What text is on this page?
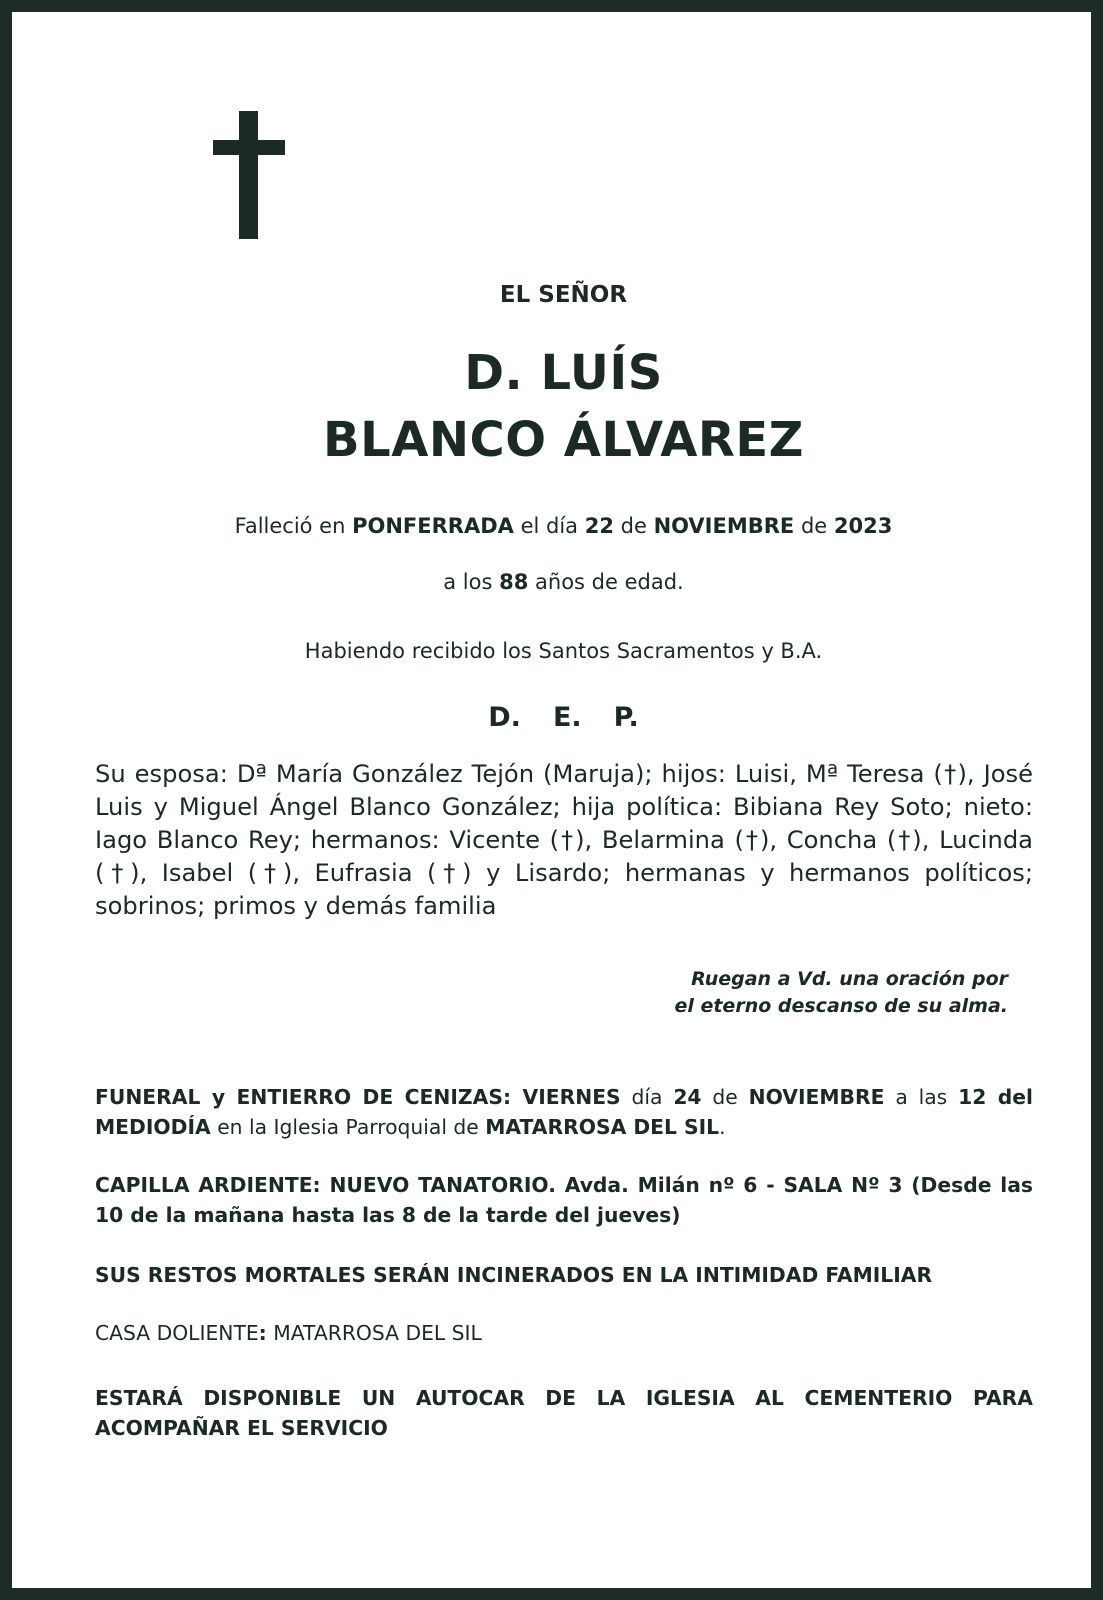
EL SEÑOR
D. LUÍS
BLANCO ÁLVAREZ
Falleció en PONFERRADA el día 22 de NOVIEMBRE de 2023
a los 88 años de edad.
Habiendo recibido los Santos Sacramentos y B.A.
D. E. P.
Su esposa: Dª María González Tejón (Maruja); hijos: Luisi, Mª Teresa (†), José Luis y Miguel Ángel Blanco González; hija política: Bibiana Rey Soto; nieto: Iago Blanco Rey; hermanos: Vicente (†), Belarmina (†), Concha (†), Lucinda (†), Isabel (†), Eufrasia (†) y Lisardo; hermanas y hermanos políticos; sobrinos; primos y demás familia
Ruegan a Vd. una oración por
el eterno descanso de su alma.
FUNERAL y ENTIERRO DE CENIZAS: VIERNES día 24 de NOVIEMBRE a las 12 del MEDIODÍA en la Iglesia Parroquial de MATARROSA DEL SIL.
CAPILLA ARDIENTE: NUEVO TANATORIO. Avda. Milán nº 6 - SALA Nº 3 (Desde las 10 de la mañana hasta las 8 de la tarde del jueves)
SUS RESTOS MORTALES SERÁN INCINERADOS EN LA INTIMIDAD FAMILIAR
CASA DOLIENTE: MATARROSA DEL SIL
ESTARÁ DISPONIBLE UN AUTOCAR DE LA IGLESIA AL CEMENTERIO PARA
ACOMPAÑAR EL SERVICIO
